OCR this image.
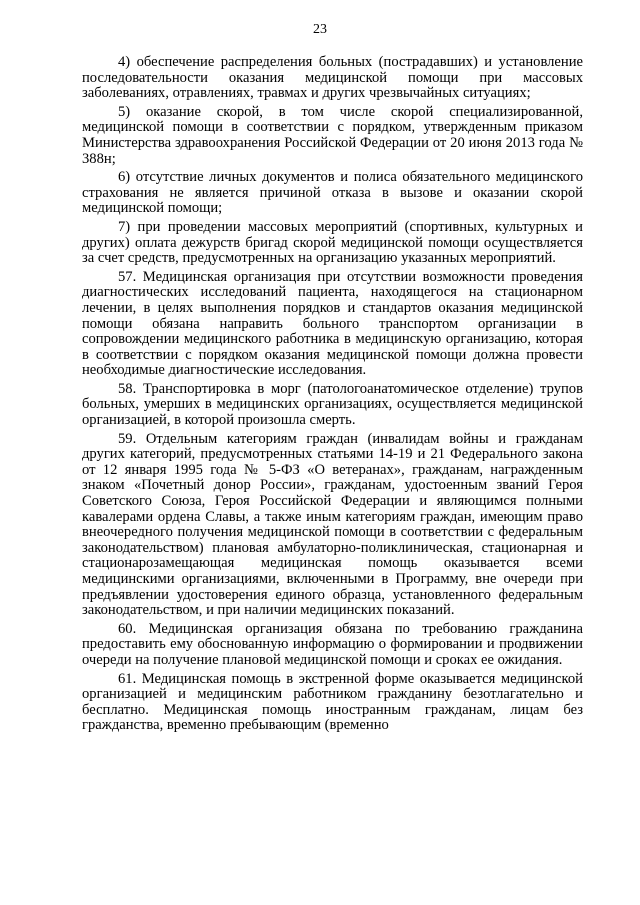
23

4) обеспечение распределения больных (пострадавших) и установление последовательности оказания медицинской помощи при массовых заболеваниях, отравлениях, травмах и других чрезвычайных ситуациях;

5) оказание скорой, в том числе скорой специализированной, медицинской помощи в соответствии с порядком, утвержденным приказом Министерства здравоохранения Российской Федерации от 20 июня 2013 года № 388н;

6) отсутствие личных документов и полиса обязательного медицинского страхования не является причиной отказа в вызове и оказании скорой медицинской помощи;

7) при проведении массовых мероприятий (спортивных, культурных и других) оплата дежурств бригад скорой медицинской помощи осуществляется за счет средств, предусмотренных на организацию указанных мероприятий.

57. Медицинская организация при отсутствии возможности проведения диагностических исследований пациента, находящегося на стационарном лечении, в целях выполнения порядков и стандартов оказания медицинской помощи обязана направить больного транспортом организации в сопровождении медицинского работника в медицинскую организацию, которая в соответствии с порядком оказания медицинской помощи должна провести необходимые диагностические исследования.

58. Транспортировка в морг (патологоанатомическое отделение) трупов больных, умерших в медицинских организациях, осуществляется медицинской организацией, в которой произошла смерть.

59. Отдельным категориям граждан (инвалидам войны и гражданам других категорий, предусмотренных статьями 14-19 и 21 Федерального закона от 12 января 1995 года № 5-ФЗ «О ветеранах», гражданам, награжденным знаком «Почетный донор России», гражданам, удостоенным званий Героя Советского Союза, Героя Российской Федерации и являющимся полными кавалерами ордена Славы, а также иным категориям граждан, имеющим право внеочередного получения медицинской помощи в соответствии с федеральным законодательством) плановая амбулаторно-поликлиническая, стационарная и стационарозамещающая медицинская помощь оказывается всеми медицинскими организациями, включенными в Программу, вне очереди при предъявлении удостоверения единого образца, установленного федеральным законодательством, и при наличии медицинских показаний.

60. Медицинская организация обязана по требованию гражданина предоставить ему обоснованную информацию о формировании и продвижении очереди на получение плановой медицинской помощи и сроках ее ожидания.

61. Медицинская помощь в экстренной форме оказывается медицинской организацией и медицинским работником гражданину безотлагательно и бесплатно. Медицинская помощь иностранным гражданам, лицам без гражданства, временно пребывающим (временно
